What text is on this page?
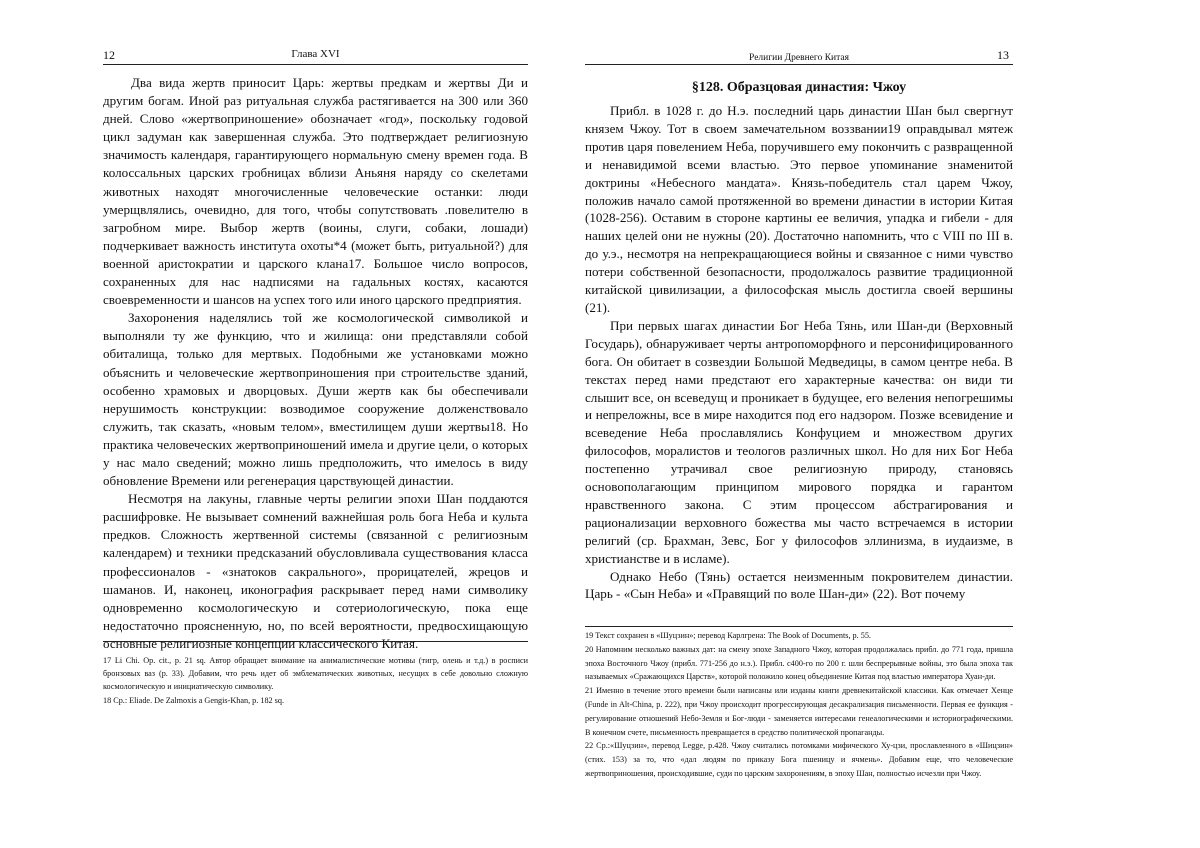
12	Глава XVI

Два вида жертв приносит Царь: жертвы предкам и жертвы Ди и другим богам. Иной раз ритуальная служба растягивается на 300 или 360 дней. Слово «жертвоприношение» обозначает «год», поскольку годовой цикл задуман как завершенная служба. Это подтверждает религиозную значимость календаря, гарантирующего нормальную смену времен года. В колоссальных царских гробницах вблизи Аньяня наряду со скелетами животных находят многочисленные человеческие останки: люди умерщвлялись, очевидно, для того, чтобы сопутствовать .повелителю в загробном мире. Выбор жертв (воины, слуги, собаки, лошади) подчеркивает важность института охоты*4 (может быть, ритуальной?) для военной аристократии и царского клана17. Большое число вопросов, сохраненных для нас надписями на гадальных костях, касаются своевременности и шансов на успех того или иного царского предприятия.

Захоронения наделялись той же космологической символикой и выполняли ту же функцию, что и жилища: они представляли собой обиталища, только для мертвых. Подобными же установками можно объяснить и человеческие жертвоприношения при строительстве зданий, особенно храмовых и дворцовых. Души жертв как бы обеспечивали нерушимость конструкции: возводимое сооружение долженствовало служить, так сказать, «новым телом», вместилищем души жертвы18. Но практика человеческих жертвоприношений имела и другие цели, о которых у нас мало сведений; можно лишь предположить, что имелось в виду обновление Времени или регенерация царствующей династии.

Несмотря на лакуны, главные черты религии эпохи Шан поддаются расшифровке. Не вызывает сомнений важнейшая роль бога Неба и культа предков. Сложность жертвенной системы (связанной с религиозным календарем) и техники предсказаний обусловливала существования класса профессионалов - «знатоков сакрального», прорицателей, жрецов и шаманов. И, наконец, иконография раскрывает перед нами символику одновременно космологическую и сотериологическую, пока еще недостаточно проясненную, но, по всей вероятности, предвосхищающую основные религиозные концепции классического Китая.

17 Li Chi. Op. cit., p. 21 sq. Автор обращает внимание на анималистические мотивы (тигр, олень и т.д.) в росписи бронзовых ваз (р. 33). Добавим, что речь идет об эмблематических животных, несущих в себе довольно сложную космологическую и инициатическую символику.

18 Ср.: Eliade. De Zalmoxis a Gengis-Khan, p. 182 sq.

Религии Древнего Китая	13
§128. Образцовая династия: Чжоу

Прибл. в 1028 г. до Н.э. последний царь династии Шан был свергнут князем Чжоу. Тот в своем замечательном воззвании19 оправдывал мятеж против царя повелением Неба, поручившего ему покончить с развращенной и ненавидимой всеми властью. Это первое упоминание знаменитой доктрины «Небесного мандата». Князь-победитель стал царем Чжоу, положив начало самой протяженной во времени династии в истории Китая (1028-256). Оставим в стороне картины ее величия, упадка и гибели - для наших целей они не нужны (20). Достаточно напомнить, что с VIII по III в. до у.э., несмотря на непрекращающиеся войны и связанное с ними чувство потери собственной безопасности, продолжалось развитие традиционной китайской цивилизации, а философская мысль достигла своей вершины (21).

При первых шагах династии Бог Неба Тянь, или Шан-ди (Верховный Государь), обнаруживает черты антропоморфного и персонифицированного бога. Он обитает в созвездии Большой Медведицы, в самом центре неба. В текстах перед нами предстают его характерные качества: он види ти слышит все, он всеведущ и проникает в будущее, его веления непогрешимы и непреложны, все в мире находится под его надзором. Позже всевидение и всеведение Неба прославлялись Конфуцием и множеством других философов, моралистов и теологов различных школ. Но для них Бог Неба постепенно утрачивал свое религиозную природу, становясь основополагающим принципом мирового порядка и гарантом нравственного закона. С этим процессом абстрагирования и рационализации верховного божества мы часто встречаемся в истории религий (ср. Брахман, Зевс, Бог у философов эллинизма, в иудаизме, в христианстве и в исламе).

Однако Небо (Тянь) остается неизменным покровителем династии. Царь - «Сын Неба» и «Правящий по воле Шан-ди» (22). Вот почему

19 Текст сохранен в «Шуцзин»; перевод Карлгрена: The Book of Documents, p. 55.

20 Напомним несколько важных дат: на смену эпохе Западного Чжоу, которая продолжалась прибл. до 771 года, пришла эпоха Восточного Чжоу (прибл. 771-256 до н.э.). Прибл. с400-го по 200 г. шли беспрерывные войны, это была эпоха так называемых «Сражающихся Царств», которой положило конец объединение Китая под властью императора Хуан-ди.

21 Именно в течение этого времени были написаны или изданы книги древнекитайской классики. Как отмечает Хенце (Funde in Alt-China, p. 222), при Чжоу происходит прогрессирующая десакрализация письменности. Первая ее функция - регулирование отношений Небо-Земля и Бог-люди - заменяется интересами генеалогическими и историографическими. В конечном счете, письменность превращается в средство политической пропаганды.

22 Ср.:«Шуцзин», перевод Legge, p.428. Чжоу считались потомками мифического Ху-цзи, прославленного в «Шицзин» (стих. 153) за то, что «дал людям по приказу Бога пшеницу и ячмень». Добавим еще, что человеческие жертвоприношения, происходившие, суди по царским захоронениям, в эпоху Шан, полностью исчезли при Чжоу.
